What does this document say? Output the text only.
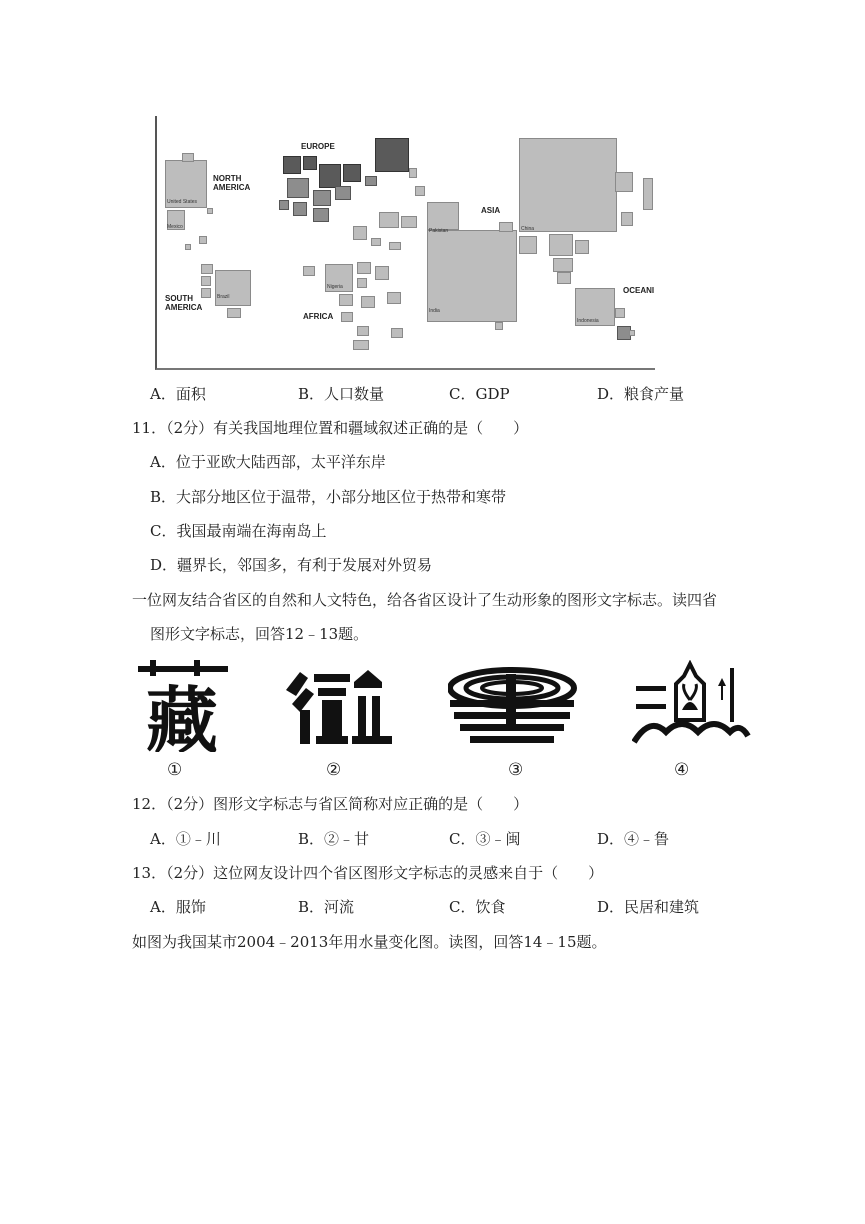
NORTH
AMERICA
EUROPE
ASIA
SOUTH
AMERICA
AFRICA
OCEANI
United States
Mexico
Brazil
Nigeria
India
China
Pakistan
Indonesia
A．面积	B．人口数量	C．GDP	D．粮食产量
11．（2分）有关我国地理位置和疆域叙述正确的是（　　）
A．位于亚欧大陆西部，太平洋东岸
B．大部分地区位于温带，小部分地区位于热带和寒带
C．我国最南端在海南岛上
D．疆界长，邻国多，有利于发展对外贸易
一位网友结合省区的自然和人文特色，给各省区设计了生动形象的图形文字标志。读四省
图形文字标志，回答12﹣13题。
藏
①	②	③	④
12．（2分）图形文字标志与省区简称对应正确的是（　　）
A．①﹣川	B．②﹣甘	C．③﹣闽	D．④﹣鲁
13．（2分）这位网友设计四个省区图形文字标志的灵感来自于（　　）
A．服饰	B．河流	C．饮食	D．民居和建筑
如图为我国某市2004﹣2013年用水量变化图。读图，回答14﹣15题。
